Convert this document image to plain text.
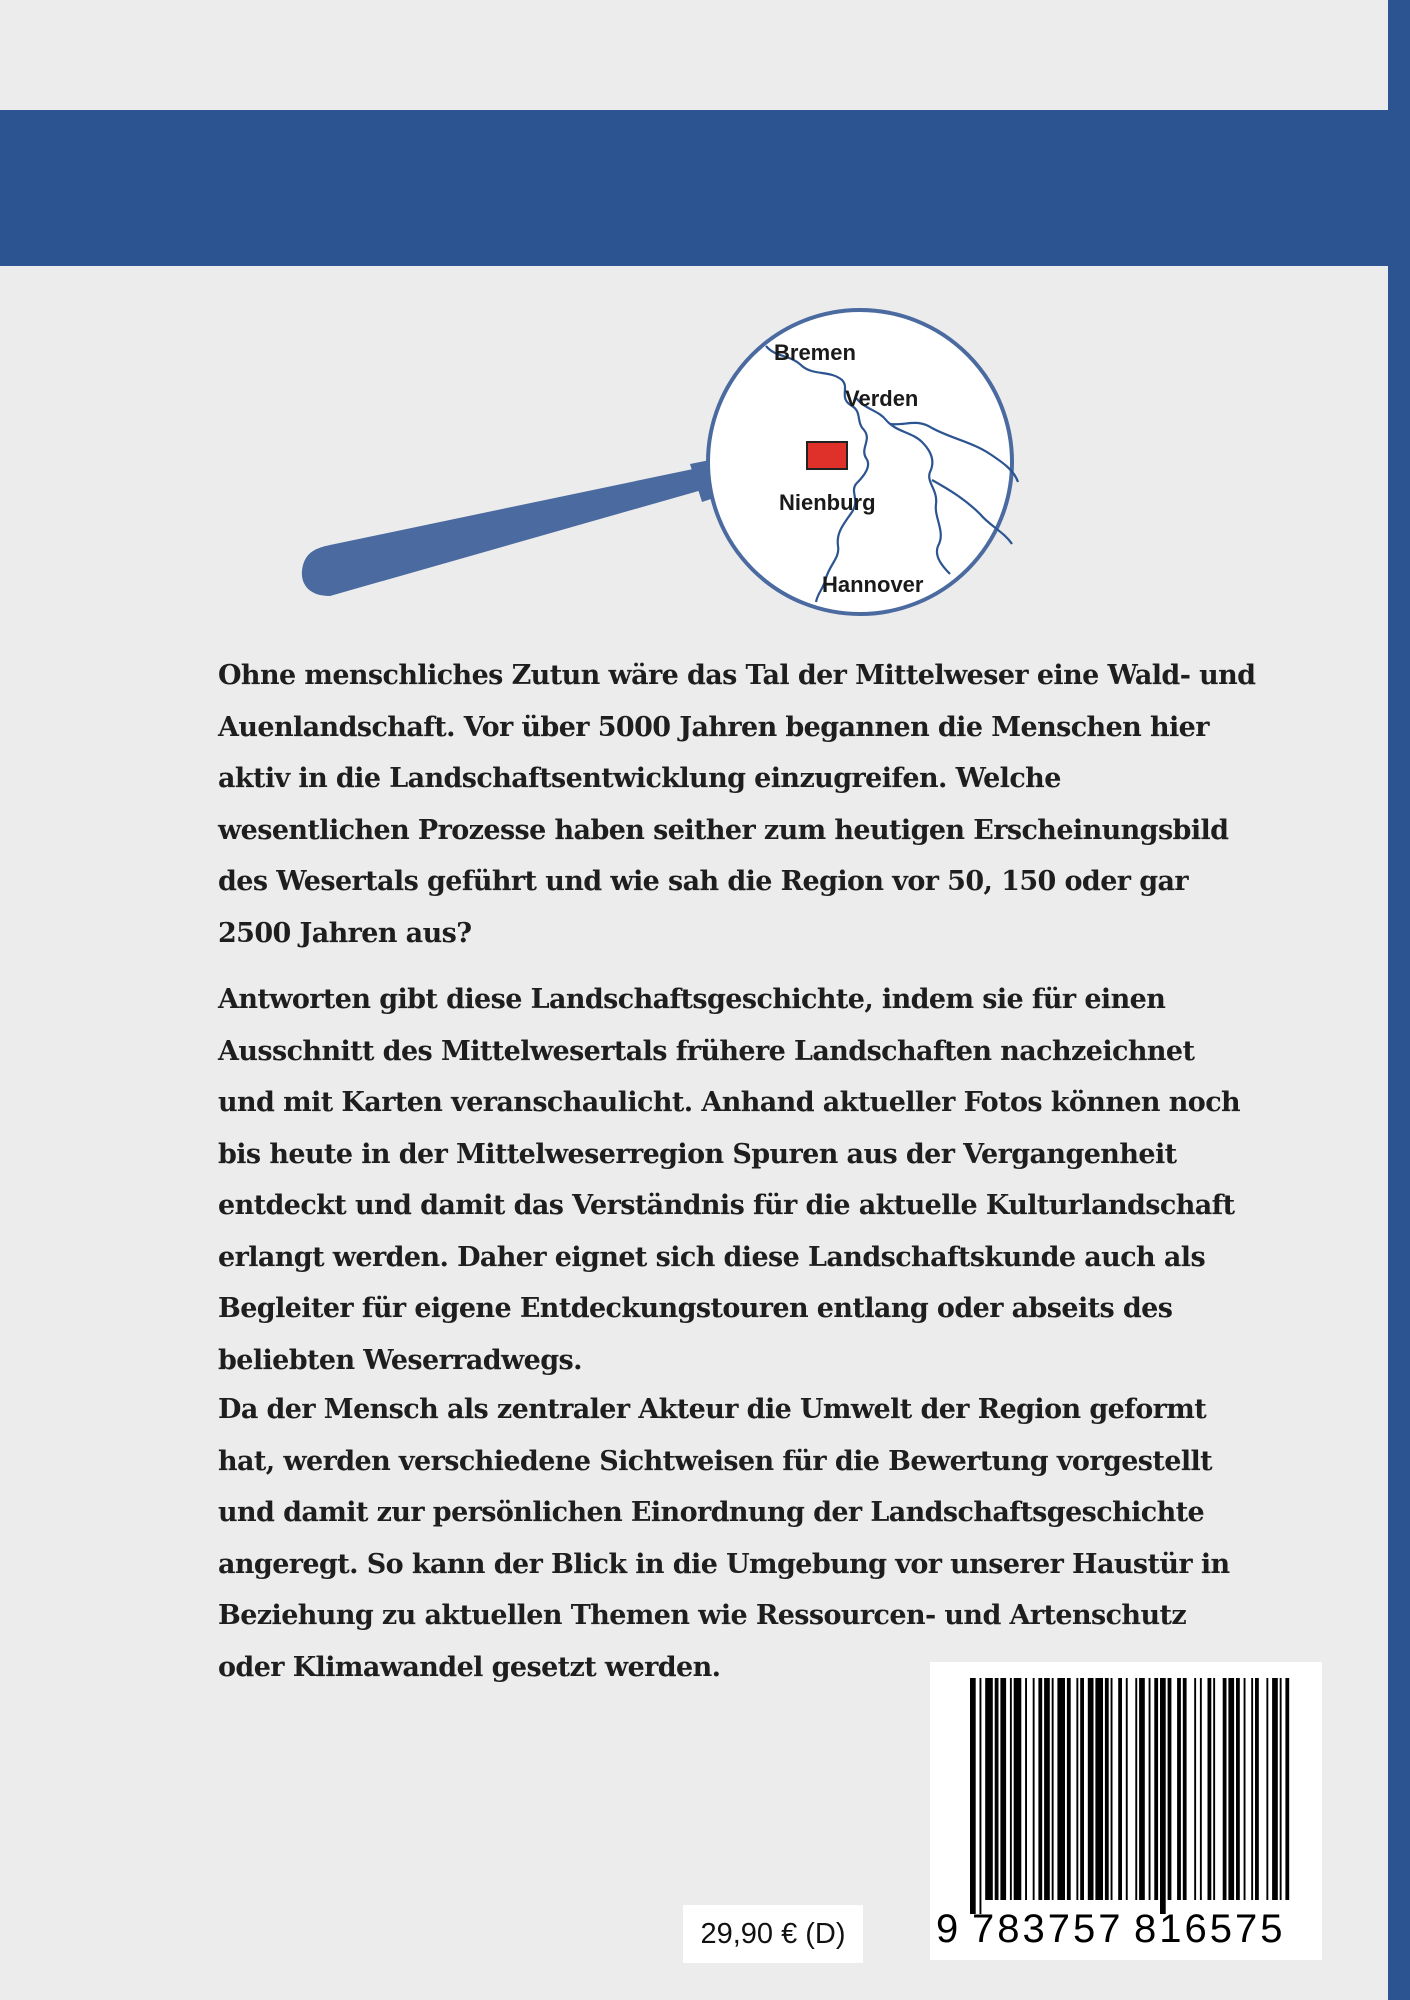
Bremen
Verden
Nienburg
Hannover

Ohne menschliches Zutun wäre das Tal der Mittelweser eine Wald- und Auenlandschaft. Vor über 5000 Jahren begannen die Menschen hier aktiv in die Landschaftsentwicklung einzugreifen. Welche wesentlichen Prozesse haben seither zum heutigen Erscheinungsbild des Wesertals geführt und wie sah die Region vor 50, 150 oder gar 2500 Jahren aus?

Antworten gibt diese Landschaftsgeschichte, indem sie für einen Ausschnitt des Mittelwesertals frühere Landschaften nachzeichnet und mit Karten veranschaulicht. Anhand aktueller Fotos können noch bis heute in der Mittelweserregion Spuren aus der Vergangenheit entdeckt und damit das Verständnis für die aktuelle Kulturlandschaft erlangt werden. Daher eignet sich diese Landschaftskunde auch als Begleiter für eigene Entdeckungstouren entlang oder abseits des beliebten Weserradwegs.

Da der Mensch als zentraler Akteur die Umwelt der Region geformt hat, werden verschiedene Sichtweisen für die Bewertung vorgestellt und damit zur persönlichen Einordnung der Landschaftsgeschichte angeregt. So kann der Blick in die Umgebung vor unserer Haustür in Beziehung zu aktuellen Themen wie Ressourcen- und Artenschutz oder Klimawandel gesetzt werden.

29,90 € (D)	9 783757 816575
